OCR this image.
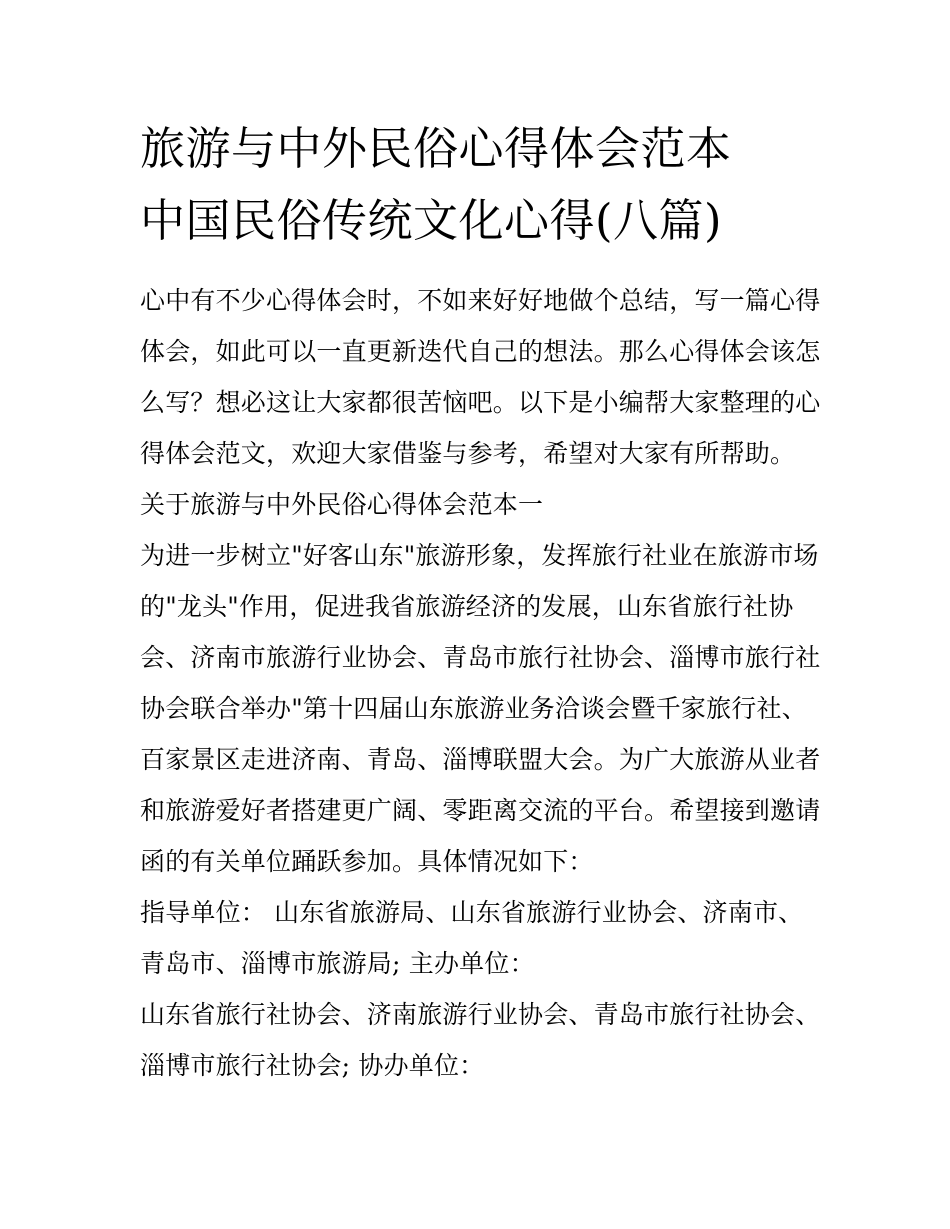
旅游与中外民俗心得体会范本
中国民俗传统文化心得(八篇)
心中有不少心得体会时，不如来好好地做个总结，写一篇心得
体会，如此可以一直更新迭代自己的想法。那么心得体会该怎
么写？想必这让大家都很苦恼吧。以下是小编帮大家整理的心
得体会范文，欢迎大家借鉴与参考，希望对大家有所帮助。
关于旅游与中外民俗心得体会范本一
为进一步树立"好客山东"旅游形象，发挥旅行社业在旅游市场
的"龙头"作用，促进我省旅游经济的发展，山东省旅行社协
会、济南市旅游行业协会、青岛市旅行社协会、淄博市旅行社
协会联合举办"第十四届山东旅游业务洽谈会暨千家旅行社、
百家景区走进济南、青岛、淄博联盟大会。为广大旅游从业者
和旅游爱好者搭建更广阔、零距离交流的平台。希望接到邀请
函的有关单位踊跃参加。具体情况如下：
指导单位： 山东省旅游局、山东省旅游行业协会、济南市、
青岛市、淄博市旅游局; 主办单位：
山东省旅行社协会、济南旅游行业协会、青岛市旅行社协会、
淄博市旅行社协会; 协办单位：
